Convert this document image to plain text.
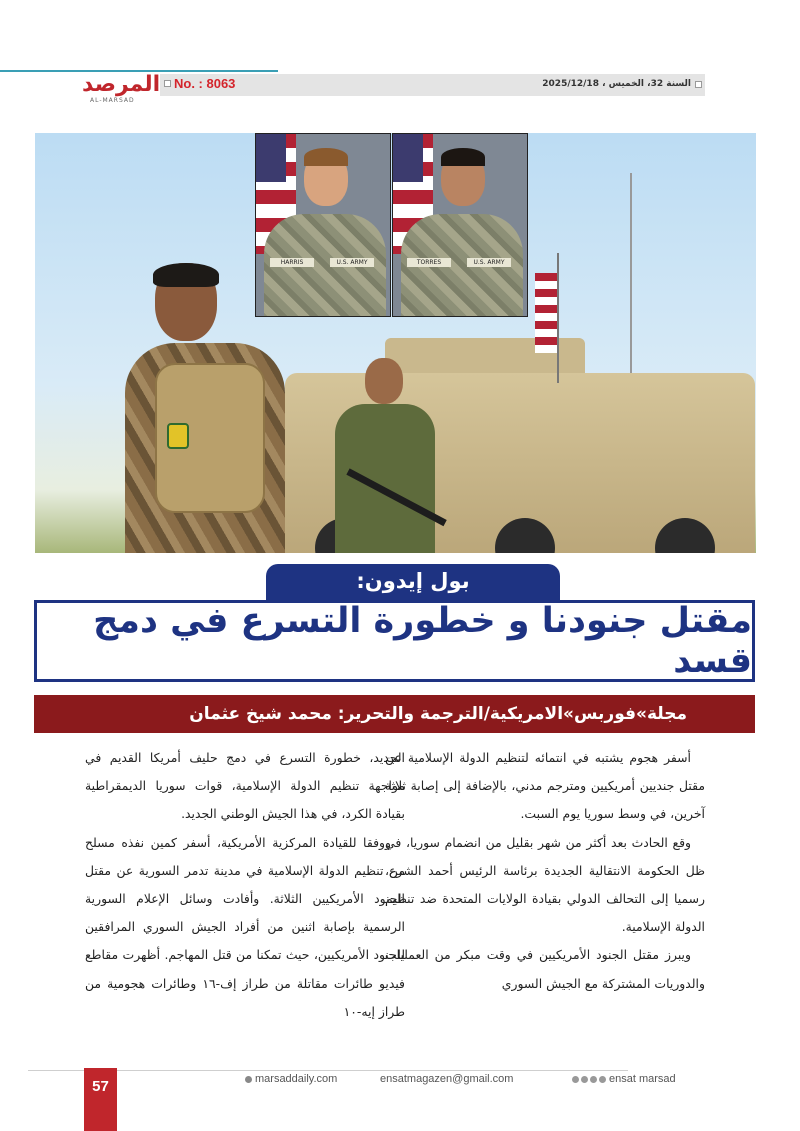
المرصد
AL-MARSAD
No. : 8063	السنة 32، الخميس ، 2025/12/18
HARRIS	U.S. ARMY	TORRES	U.S. ARMY
بول إيدون:
مقتل جنودنا و خطورة التسرع في دمج قسد
مجلة»فوربس»الامريكية/الترجمة والتحرير: محمد شيخ عثمان

أسفر هجوم يشتبه في انتمائه لتنظيم الدولة الإسلامية عن مقتل جنديين أمريكيين ومترجم مدني، بالإضافة إلى إصابة ثلاثة آخرين، في وسط سوريا يوم السبت.

وقع الحادث بعد أكثر من شهر بقليل من انضمام سوريا، في ظل الحكومة الانتقالية الجديدة برئاسة الرئيس أحمد الشرع، رسميا إلى التحالف الدولي بقيادة الولايات المتحدة ضد تنظيم الدولة الإسلامية.

ويبرز مقتل الجنود الأمريكيين في وقت مبكر من العمليات والدوريات المشتركة مع الجيش السوري

الجديد، خطورة التسرع في دمج حليف أمريكا القديم في مواجهة تنظيم الدولة الإسلامية، قوات سوريا الديمقراطية بقيادة الكرد، في هذا الجيش الوطني الجديد.

ووفقا للقيادة المركزية الأمريكية، أسفر كمين نفذه مسلح من تنظيم الدولة الإسلامية في مدينة تدمر السورية عن مقتل الجنود الأمريكيين الثلاثة. وأفادت وسائل الإعلام السورية الرسمية بإصابة اثنين من أفراد الجيش السوري المرافقين للجنود الأمريكيين، حيث تمكنا من قتل المهاجم. أظهرت مقاطع فيديو طائرات مقاتلة من طراز إف-١٦ وطائرات هجومية من طراز إيه-١٠

57	marsaddaily.com	ensatmagazen@gmail.com	ensat marsad
